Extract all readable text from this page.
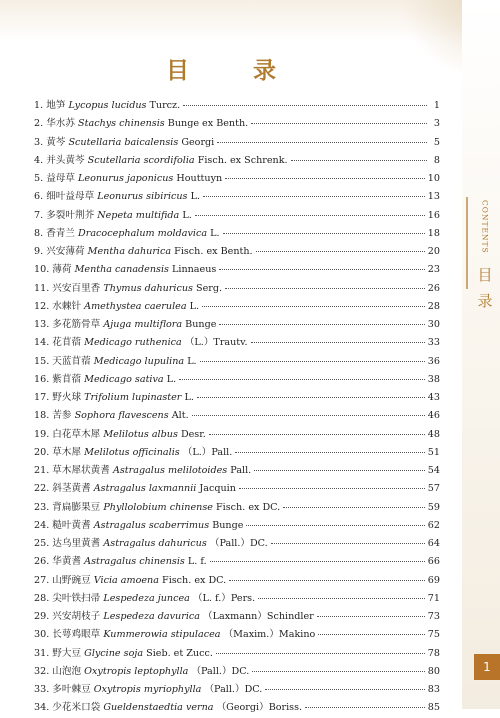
目 录
1. 地笋 Lycopus lucidus Turcz.	1
2. 华水苏 Stachys chinensis Bunge ex Benth.	3
3. 黄芩 Scutellaria baicalensis Georgi	5
4. 并头黄芩 Scutellaria scordifolia Fisch. ex Schrenk.	8
5. 益母草 Leonurus japonicus Houttuyn	10
6. 细叶益母草 Leonurus sibiricus L.	13
7. 多裂叶荆芥 Nepeta multifida L.	16
8. 香青兰 Dracocephalum moldavica L.	18
9. 兴安薄荷 Mentha dahurica Fisch. ex Benth.	20
10. 薄荷 Mentha canadensis Linnaeus	23
11. 兴安百里香 Thymus dahuricus Serg.	26
12. 水棘针 Amethystea caerulea L.	28
13. 多花筋骨草 Ajuga multiflora Bunge	30
14. 花苜蓿 Medicago ruthenica （L.）Trautv.	33
15. 天蓝苜蓿 Medicago lupulina L.	36
16. 紫苜蓿 Medicago sativa L.	38
17. 野火球 Trifolium lupinaster L.	43
18. 苦参 Sophora flavescens Alt.	46
19. 白花草木犀 Melilotus albus Desr.	48
20. 草木犀 Melilotus officinalis （L.）Pall.	51
21. 草木犀状黄耆 Astragalus melilotoides Pall.	54
22. 斜茎黄耆 Astragalus laxmannii Jacquin	57
23. 背扁膨果豆 Phyllolobium chinense Fisch. ex DC.	59
24. 糙叶黄耆 Astragalus scaberrimus Bunge	62
25. 达乌里黄耆 Astragalus dahuricus （Pall.）DC.	64
26. 华黄耆 Astragalus chinensis L. f.	66
27. 山野豌豆 Vicia amoena Fisch. ex DC.	69
28. 尖叶铁扫帚 Lespedeza juncea （L. f.）Pers.	71
29. 兴安胡枝子 Lespedeza davurica （Laxmann）Schindler	73
30. 长萼鸡眼草 Kummerowia stipulacea （Maxim.）Makino	75
31. 野大豆 Glycine soja Sieb. et Zucc.	78
32. 山泡泡 Oxytropis leptophylla （Pall.）DC.	80
33. 多叶棘豆 Oxytropis myriophylla （Pall.）DC.	83
34. 少花米口袋 Gueldenstaedtia verna （Georgi）Boriss.	85
CONTENTS
目
录
1
